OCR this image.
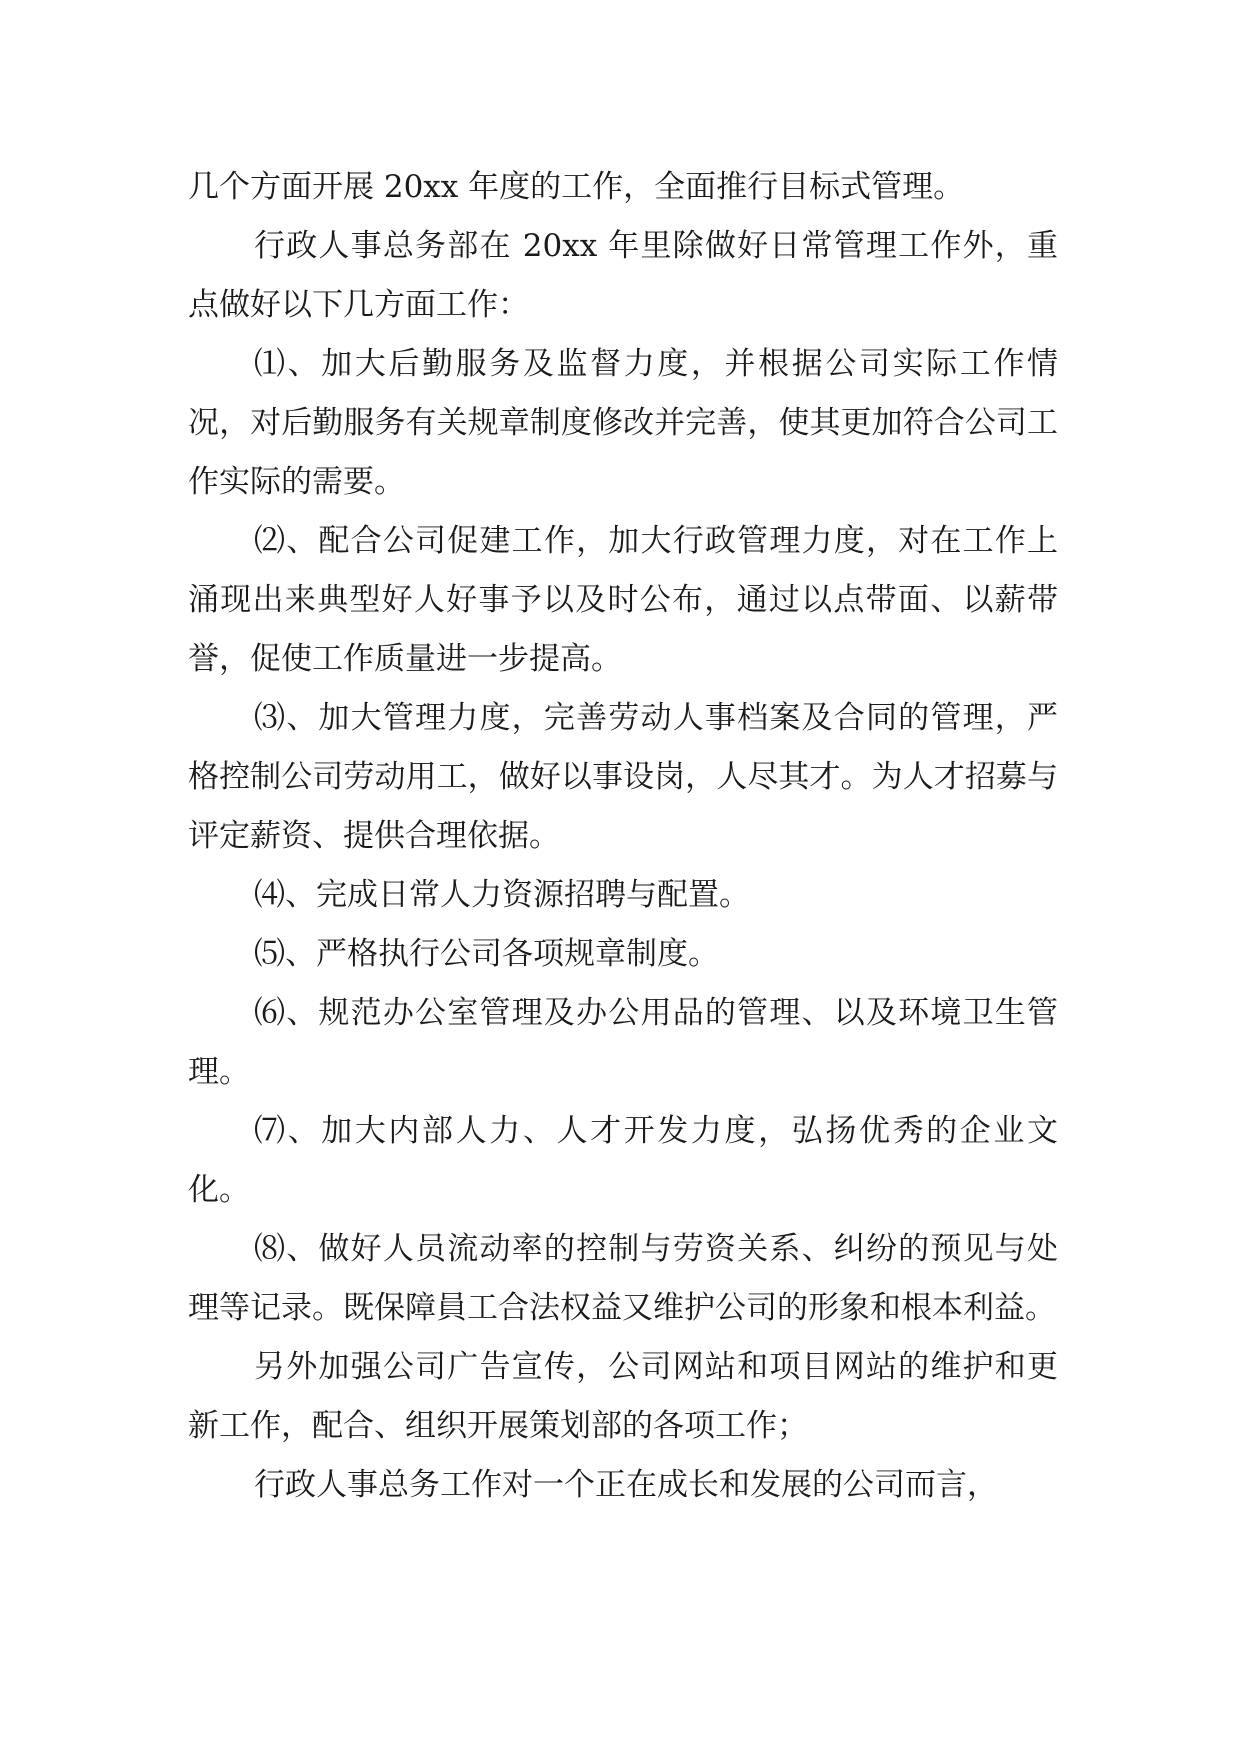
几个方面开展 20xx 年度的工作，全面推行目标式管理。

行政人事总务部在 20xx 年里除做好日常管理工作外，重点做好以下几方面工作：

⑴、加大后勤服务及监督力度，并根据公司实际工作情况，对后勤服务有关规章制度修改并完善，使其更加符合公司工作实际的需要。

⑵、配合公司促建工作，加大行政管理力度，对在工作上涌现出来典型好人好事予以及时公布，通过以点带面、以薪带誉，促使工作质量进一步提高。

⑶、加大管理力度，完善劳动人事档案及合同的管理，严格控制公司劳动用工，做好以事设岗，人尽其才。为人才招募与评定薪资、提供合理依据。

⑷、完成日常人力资源招聘与配置。

⑸、严格执行公司各项规章制度。

⑹、规范办公室管理及办公用品的管理、以及环境卫生管理。

⑺、加大内部人力、人才开发力度，弘扬优秀的企业文化。

⑻、做好人员流动率的控制与劳资关系、纠纷的预见与处理等记录。既保障員工合法权益又维护公司的形象和根本利益。

另外加强公司广告宣传，公司网站和项目网站的维护和更新工作，配合、组织开展策划部的各项工作；

行政人事总务工作对一个正在成长和发展的公司而言，
